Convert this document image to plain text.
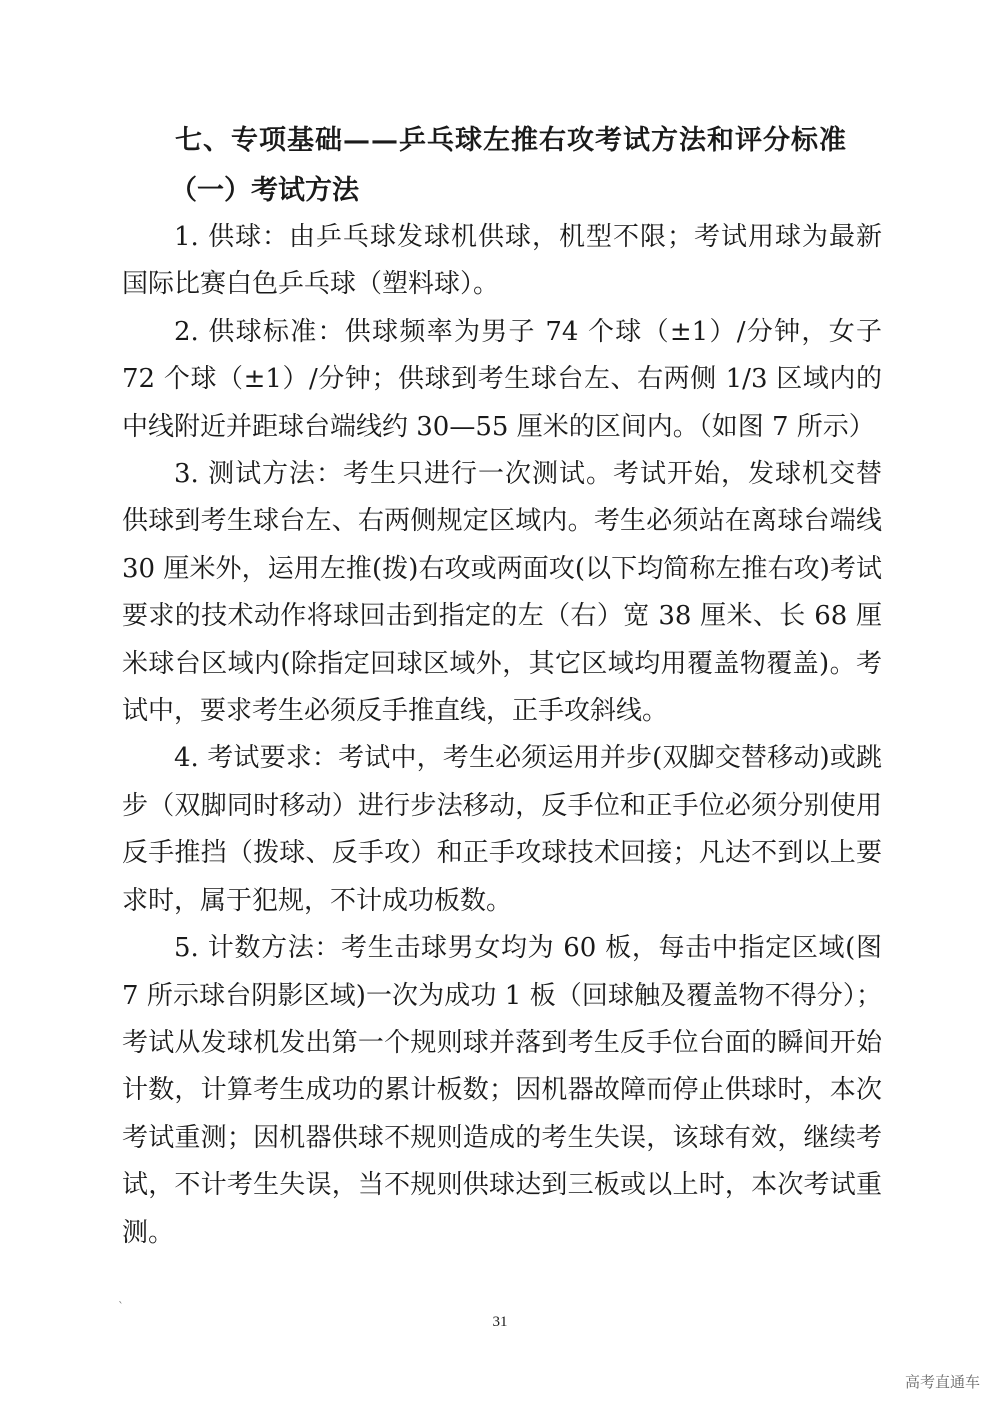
七、专项基础——乒乓球左推右攻考试方法和评分标准
（一）考试方法

1. 供球：由乒乓球发球机供球，机型不限；考试用球为最新国际比赛白色乒乓球（塑料球）。

2. 供球标准：供球频率为男子 74 个球（±1）/分钟，女子 72 个球（±1）/分钟；供球到考生球台左、右两侧 1/3 区域内的中线附近并距球台端线约 30—55 厘米的区间内。（如图 7 所示）

3. 测试方法：考生只进行一次测试。考试开始，发球机交替供球到考生球台左、右两侧规定区域内。考生必须站在离球台端线 30 厘米外，运用左推(拨)右攻或两面攻(以下均简称左推右攻)考试要求的技术动作将球回击到指定的左（右）宽 38 厘米、长 68 厘米球台区域内(除指定回球区域外，其它区域均用覆盖物覆盖)。考试中，要求考生必须反手推直线，正手攻斜线。

4. 考试要求：考试中，考生必须运用并步(双脚交替移动)或跳步（双脚同时移动）进行步法移动，反手位和正手位必须分别使用反手推挡（拨球、反手攻）和正手攻球技术回接；凡达不到以上要求时，属于犯规，不计成功板数。

5. 计数方法：考生击球男女均为 60 板，每击中指定区域(图 7 所示球台阴影区域)一次为成功 1 板（回球触及覆盖物不得分）；考试从发球机发出第一个规则球并落到考生反手位台面的瞬间开始计数，计算考生成功的累计板数；因机器故障而停止供球时，本次考试重测；因机器供球不规则造成的考生失误，该球有效，继续考试，不计考生失误，当不规则供球达到三板或以上时，本次考试重测。

`
31
高考直通车
